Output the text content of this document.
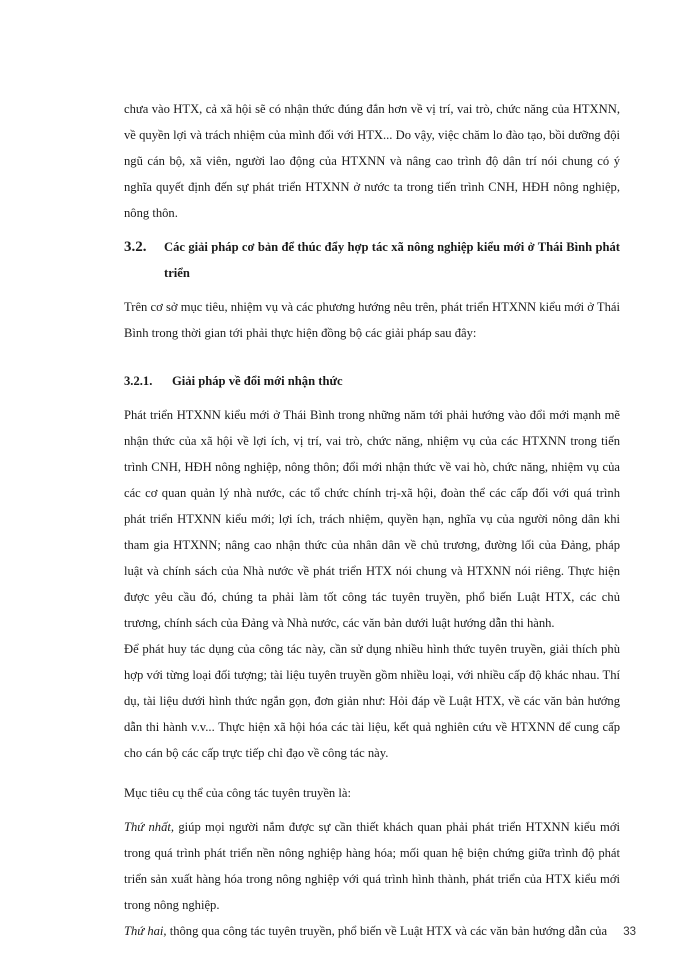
chưa vào HTX, cả xã hội sẽ có nhận thức đúng đắn hơn về vị trí, vai trò, chức năng của HTXNN, về quyền lợi và trách nhiệm của mình đối với HTX... Do vậy, việc chăm lo đào tạo, bồi dưỡng đội ngũ cán bộ, xã viên, người lao động của HTXNN và nâng cao trình độ dân trí nói chung có ý nghĩa quyết định đến sự phát triển HTXNN ở nước ta trong tiến trình CNH, HĐH nông nghiệp, nông thôn.

3.2.	Các giải pháp cơ bản để thúc đẩy hợp tác xã nông nghiệp kiểu mới ở Thái Bình phát triển

Trên cơ sở mục tiêu, nhiệm vụ và các phương hướng nêu trên, phát triển HTXNN kiểu mới ở Thái Bình trong thời gian tới phải thực hiện đồng bộ các giải pháp sau đây:

3.2.1.	Giải pháp về đổi mới nhận thức

Phát triển HTXNN kiểu mới ở Thái Bình trong những năm tới phải hướng vào đổi mới mạnh mẽ nhận thức của xã hội về lợi ích, vị trí, vai trò, chức năng, nhiệm vụ của các HTXNN trong tiến trình CNH, HĐH nông nghiệp, nông thôn; đổi mới nhận thức về vai hò, chức năng, nhiệm vụ của các cơ quan quản lý nhà nước, các tổ chức chính trị-xã hội, đoàn thể các cấp đối với quá trình phát triển HTXNN kiểu mới; lợi ích, trách nhiệm, quyền hạn, nghĩa vụ của người nông dân khi tham gia HTXNN; nâng cao nhận thức của nhân dân về chủ trương, đường lối của Đảng, pháp luật và chính sách của Nhà nước về phát triển HTX nói chung và HTXNN nói riêng. Thực hiện được yêu cầu đó, chúng ta phải làm tốt công tác tuyên truyền, phổ biến Luật HTX, các chủ trương, chính sách của Đảng và Nhà nước, các văn bản dưới luật hướng dẫn thi hành.

Để phát huy tác dụng của công tác này, cần sử dụng nhiều hình thức tuyên truyền, giải thích phù hợp với từng loại đối tượng; tài liệu tuyên truyền gồm nhiều loại, với nhiều cấp độ khác nhau. Thí dụ, tài liệu dưới hình thức ngắn gọn, đơn giản như: Hỏi đáp về Luật HTX, về các văn bản hướng dẫn thi hành v.v... Thực hiện xã hội hóa các tài liệu, kết quả nghiên cứu về HTXNN để cung cấp cho cán bộ các cấp trực tiếp chỉ đạo về công tác này.

Mục tiêu cụ thể của công tác tuyên truyền là:

Thứ nhất, giúp mọi người nắm được sự cần thiết khách quan phải phát triển HTXNN kiểu mới trong quá trình phát triển nền nông nghiệp hàng hóa; mối quan hệ biện chứng giữa trình độ phát triển sản xuất hàng hóa trong nông nghiệp với quá trình hình thành, phát triển của HTX kiểu mới trong nông nghiệp.

Thứ hai, thông qua công tác tuyên truyền, phổ biến về Luật HTX và các văn bản hướng dẫn của	33
